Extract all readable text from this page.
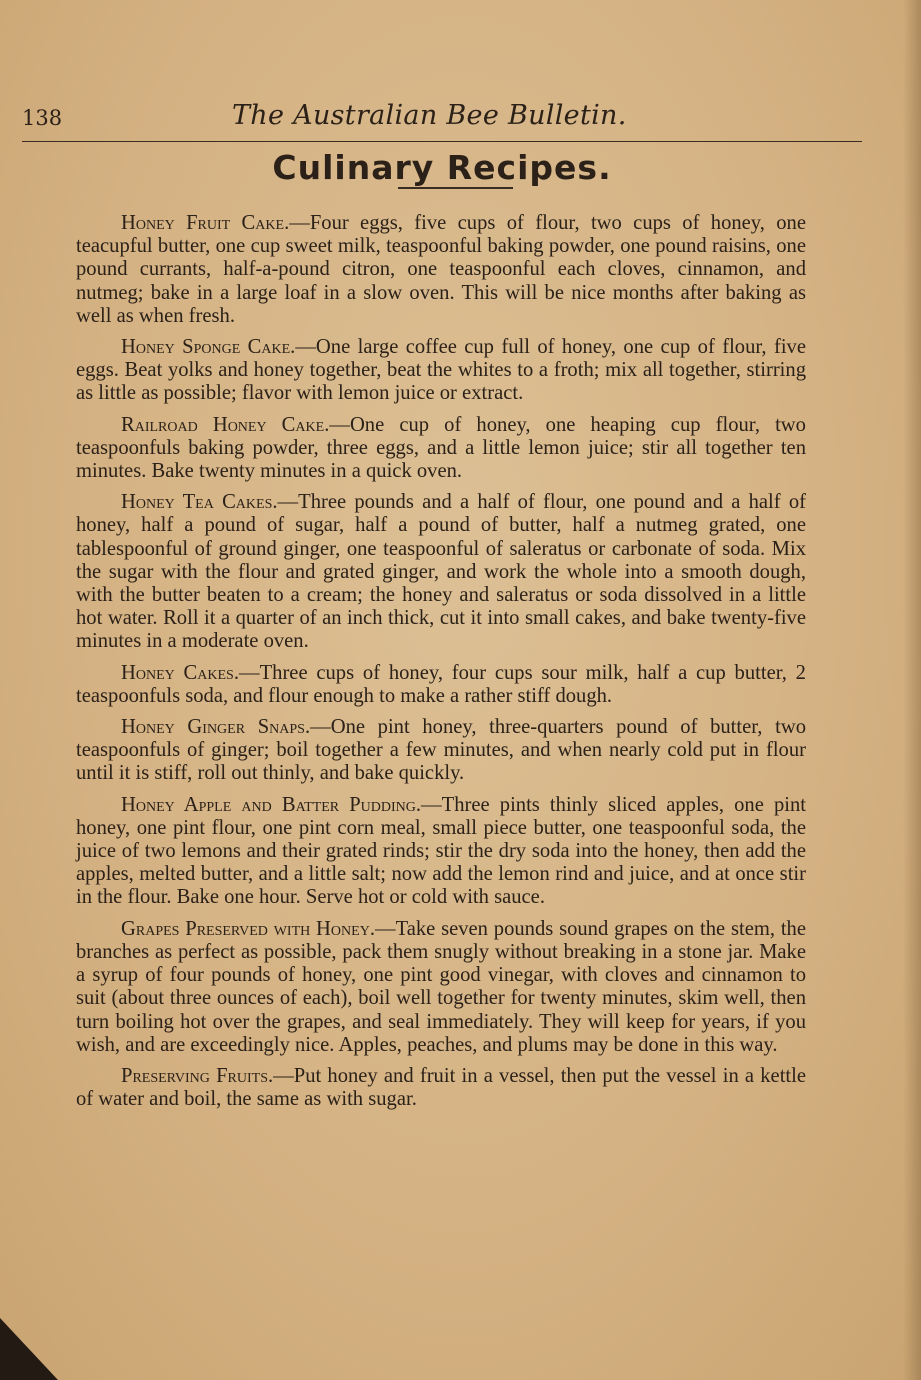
138	The Australian Bee Bulletin.
Culinary Recipes.

Honey Fruit Cake.—Four eggs, five cups of flour, two cups of honey, one teacupful butter, one cup sweet milk, teaspoonful baking powder, one pound raisins, one pound currants, half-a-pound citron, one teaspoonful each cloves, cinnamon, and nutmeg; bake in a large loaf in a slow oven. This will be nice months after baking as well as when fresh.

Honey Sponge Cake.—One large coffee cup full of honey, one cup of flour, five eggs. Beat yolks and honey together, beat the whites to a froth; mix all together, stirring as little as possible; flavor with lemon juice or extract.

Railroad Honey Cake.—One cup of honey, one heaping cup flour, two teaspoonfuls baking powder, three eggs, and a little lemon juice; stir all together ten minutes. Bake twenty minutes in a quick oven.

Honey Tea Cakes.—Three pounds and a half of flour, one pound and a half of honey, half a pound of sugar, half a pound of butter, half a nutmeg grated, one tablespoonful of ground ginger, one teaspoonful of saleratus or carbonate of soda. Mix the sugar with the flour and grated ginger, and work the whole into a smooth dough, with the butter beaten to a cream; the honey and saleratus or soda dissolved in a little hot water. Roll it a quarter of an inch thick, cut it into small cakes, and bake twenty-five minutes in a moderate oven.

Honey Cakes.—Three cups of honey, four cups sour milk, half a cup butter, 2 teaspoonfuls soda, and flour enough to make a rather stiff dough.

Honey Ginger Snaps.—One pint honey, three-quarters pound of butter, two teaspoonfuls of ginger; boil together a few minutes, and when nearly cold put in flour until it is stiff, roll out thinly, and bake quickly.

Honey Apple and Batter Pudding.—Three pints thinly sliced apples, one pint honey, one pint flour, one pint corn meal, small piece butter, one teaspoonful soda, the juice of two lemons and their grated rinds; stir the dry soda into the honey, then add the apples, melted butter, and a little salt; now add the lemon rind and juice, and at once stir in the flour. Bake one hour. Serve hot or cold with sauce.

Grapes Preserved with Honey.—Take seven pounds sound grapes on the stem, the branches as perfect as possible, pack them snugly without breaking in a stone jar. Make a syrup of four pounds of honey, one pint good vinegar, with cloves and cinnamon to suit (about three ounces of each), boil well together for twenty minutes, skim well, then turn boiling hot over the grapes, and seal immediately. They will keep for years, if you wish, and are exceedingly nice. Apples, peaches, and plums may be done in this way.

Preserving Fruits.—Put honey and fruit in a vessel, then put the vessel in a kettle of water and boil, the same as with sugar.
